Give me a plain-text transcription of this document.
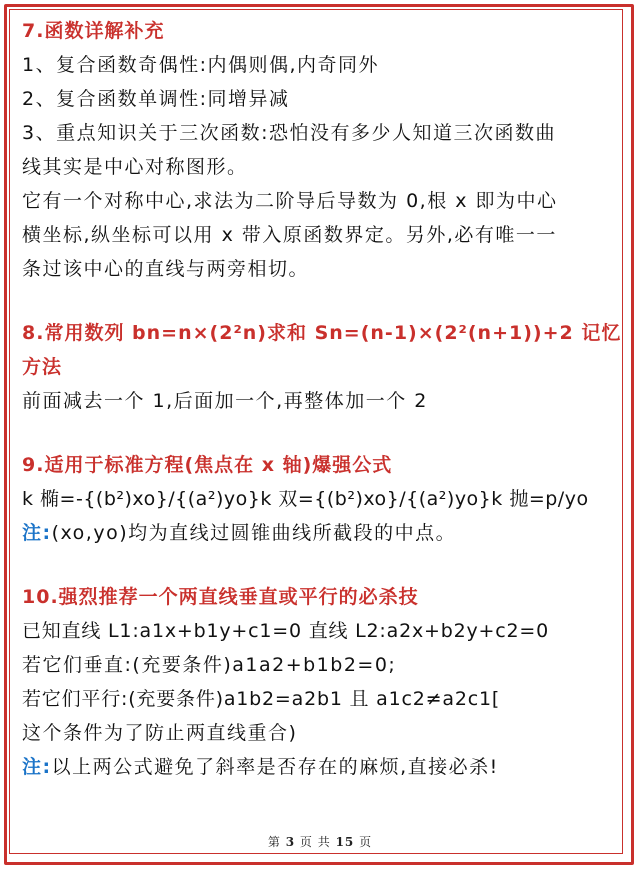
7.函数详解补充

1、复合函数奇偶性:内偶则偶,内奇同外

2、复合函数单调性:同增异减

3、重点知识关于三次函数:恐怕没有多少人知道三次函数曲

线其实是中心对称图形。

它有一个对称中心,求法为二阶导后导数为 0,根 x 即为中心

横坐标,纵坐标可以用 x 带入原函数界定。另外,必有唯一一

条过该中心的直线与两旁相切。

8.常用数列 bn=n×(2²n)求和 Sn=(n-1)×(2²(n+1))+2 记忆方法

前面减去一个 1,后面加一个,再整体加一个 2

9.适用于标准方程(焦点在 x 轴)爆强公式

k 椭=-{(b²)xo}/{(a²)yo}k 双={(b²)xo}/{(a²)yo}k 抛=p/yo

注:(xo,yo)均为直线过圆锥曲线所截段的中点。

10.强烈推荐一个两直线垂直或平行的必杀技

已知直线 L1:a1x+b1y+c1=0 直线 L2:a2x+b2y+c2=0

若它们垂直:(充要条件)a1a2+b1b2=0;

若它们平行:(充要条件)a1b2=a2b1 且 a1c2≠a2c1[

这个条件为了防止两直线重合)

注:以上两公式避免了斜率是否存在的麻烦,直接必杀!

第 3 页 共 15 页
